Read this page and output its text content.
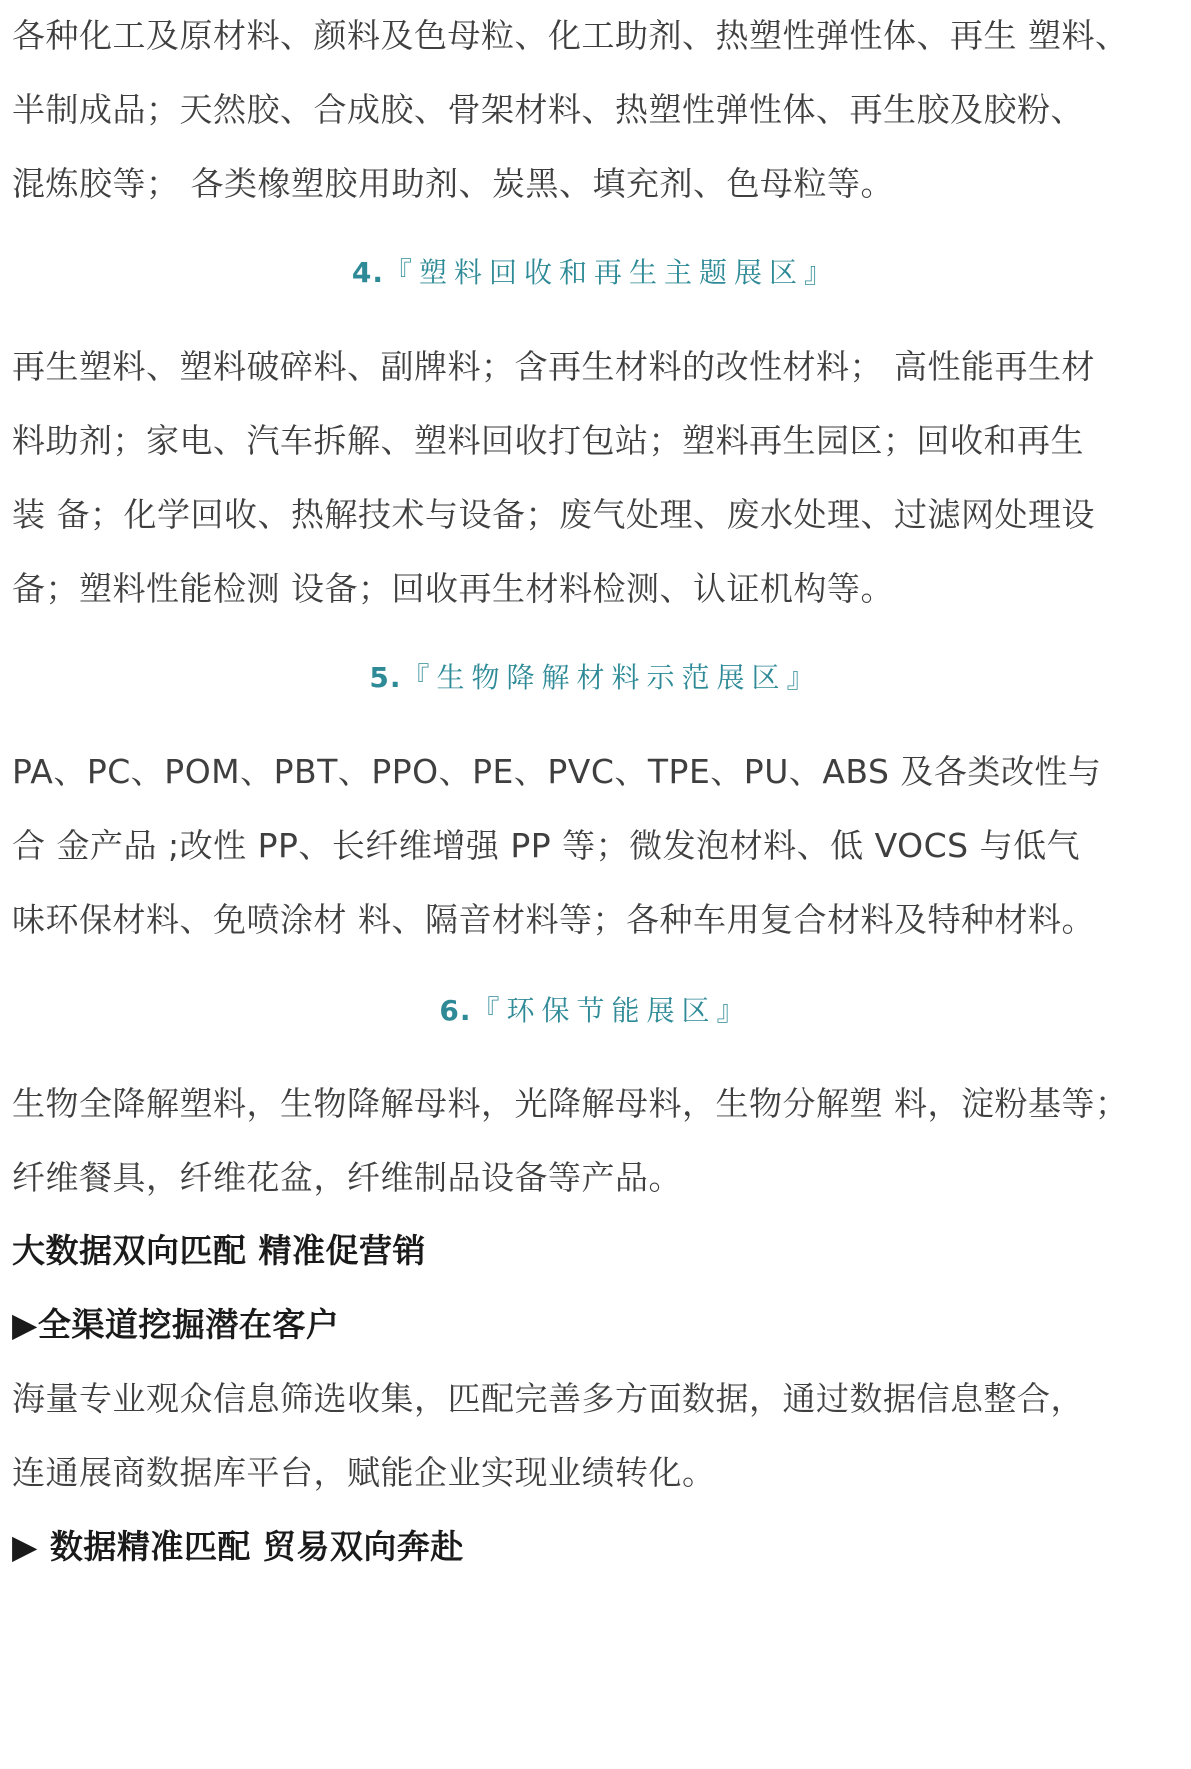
各种化工及原材料、颜料及色母粒、化工助剂、热塑性弹性体、再生 塑料、
半制成品；天然胶、合成胶、骨架材料、热塑性弹性体、再生胶及胶粉、
混炼胶等； 各类橡塑胶用助剂、炭黑、填充剂、色母粒等。
4.『塑料回收和再生主题展区』
再生塑料、塑料破碎料、副牌料；含再生材料的改性材料； 高性能再生材
料助剂；家电、汽车拆解、塑料回收打包站；塑料再生园区；回收和再生
装 备；化学回收、热解技术与设备；废气处理、废水处理、过滤网处理设
备；塑料性能检测 设备；回收再生材料检测、认证机构等。
5.『生物降解材料示范展区』
PA、PC、POM、PBT、PPO、PE、PVC、TPE、PU、ABS 及各类改性与
合 金产品 ;改性 PP、长纤维增强 PP 等；微发泡材料、低 VOCS 与低气
味环保材料、免喷涂材 料、隔音材料等；各种车用复合材料及特种材料。
6.『环保节能展区』
生物全降解塑料，生物降解母料，光降解母料，生物分解塑 料，淀粉基等；
纤维餐具，纤维花盆，纤维制品设备等产品。
大数据双向匹配 精准促营销
▶全渠道挖掘潜在客户
海量专业观众信息筛选收集，匹配完善多方面数据，通过数据信息整合，
连通展商数据库平台，赋能企业实现业绩转化。
▶ 数据精准匹配 贸易双向奔赴
